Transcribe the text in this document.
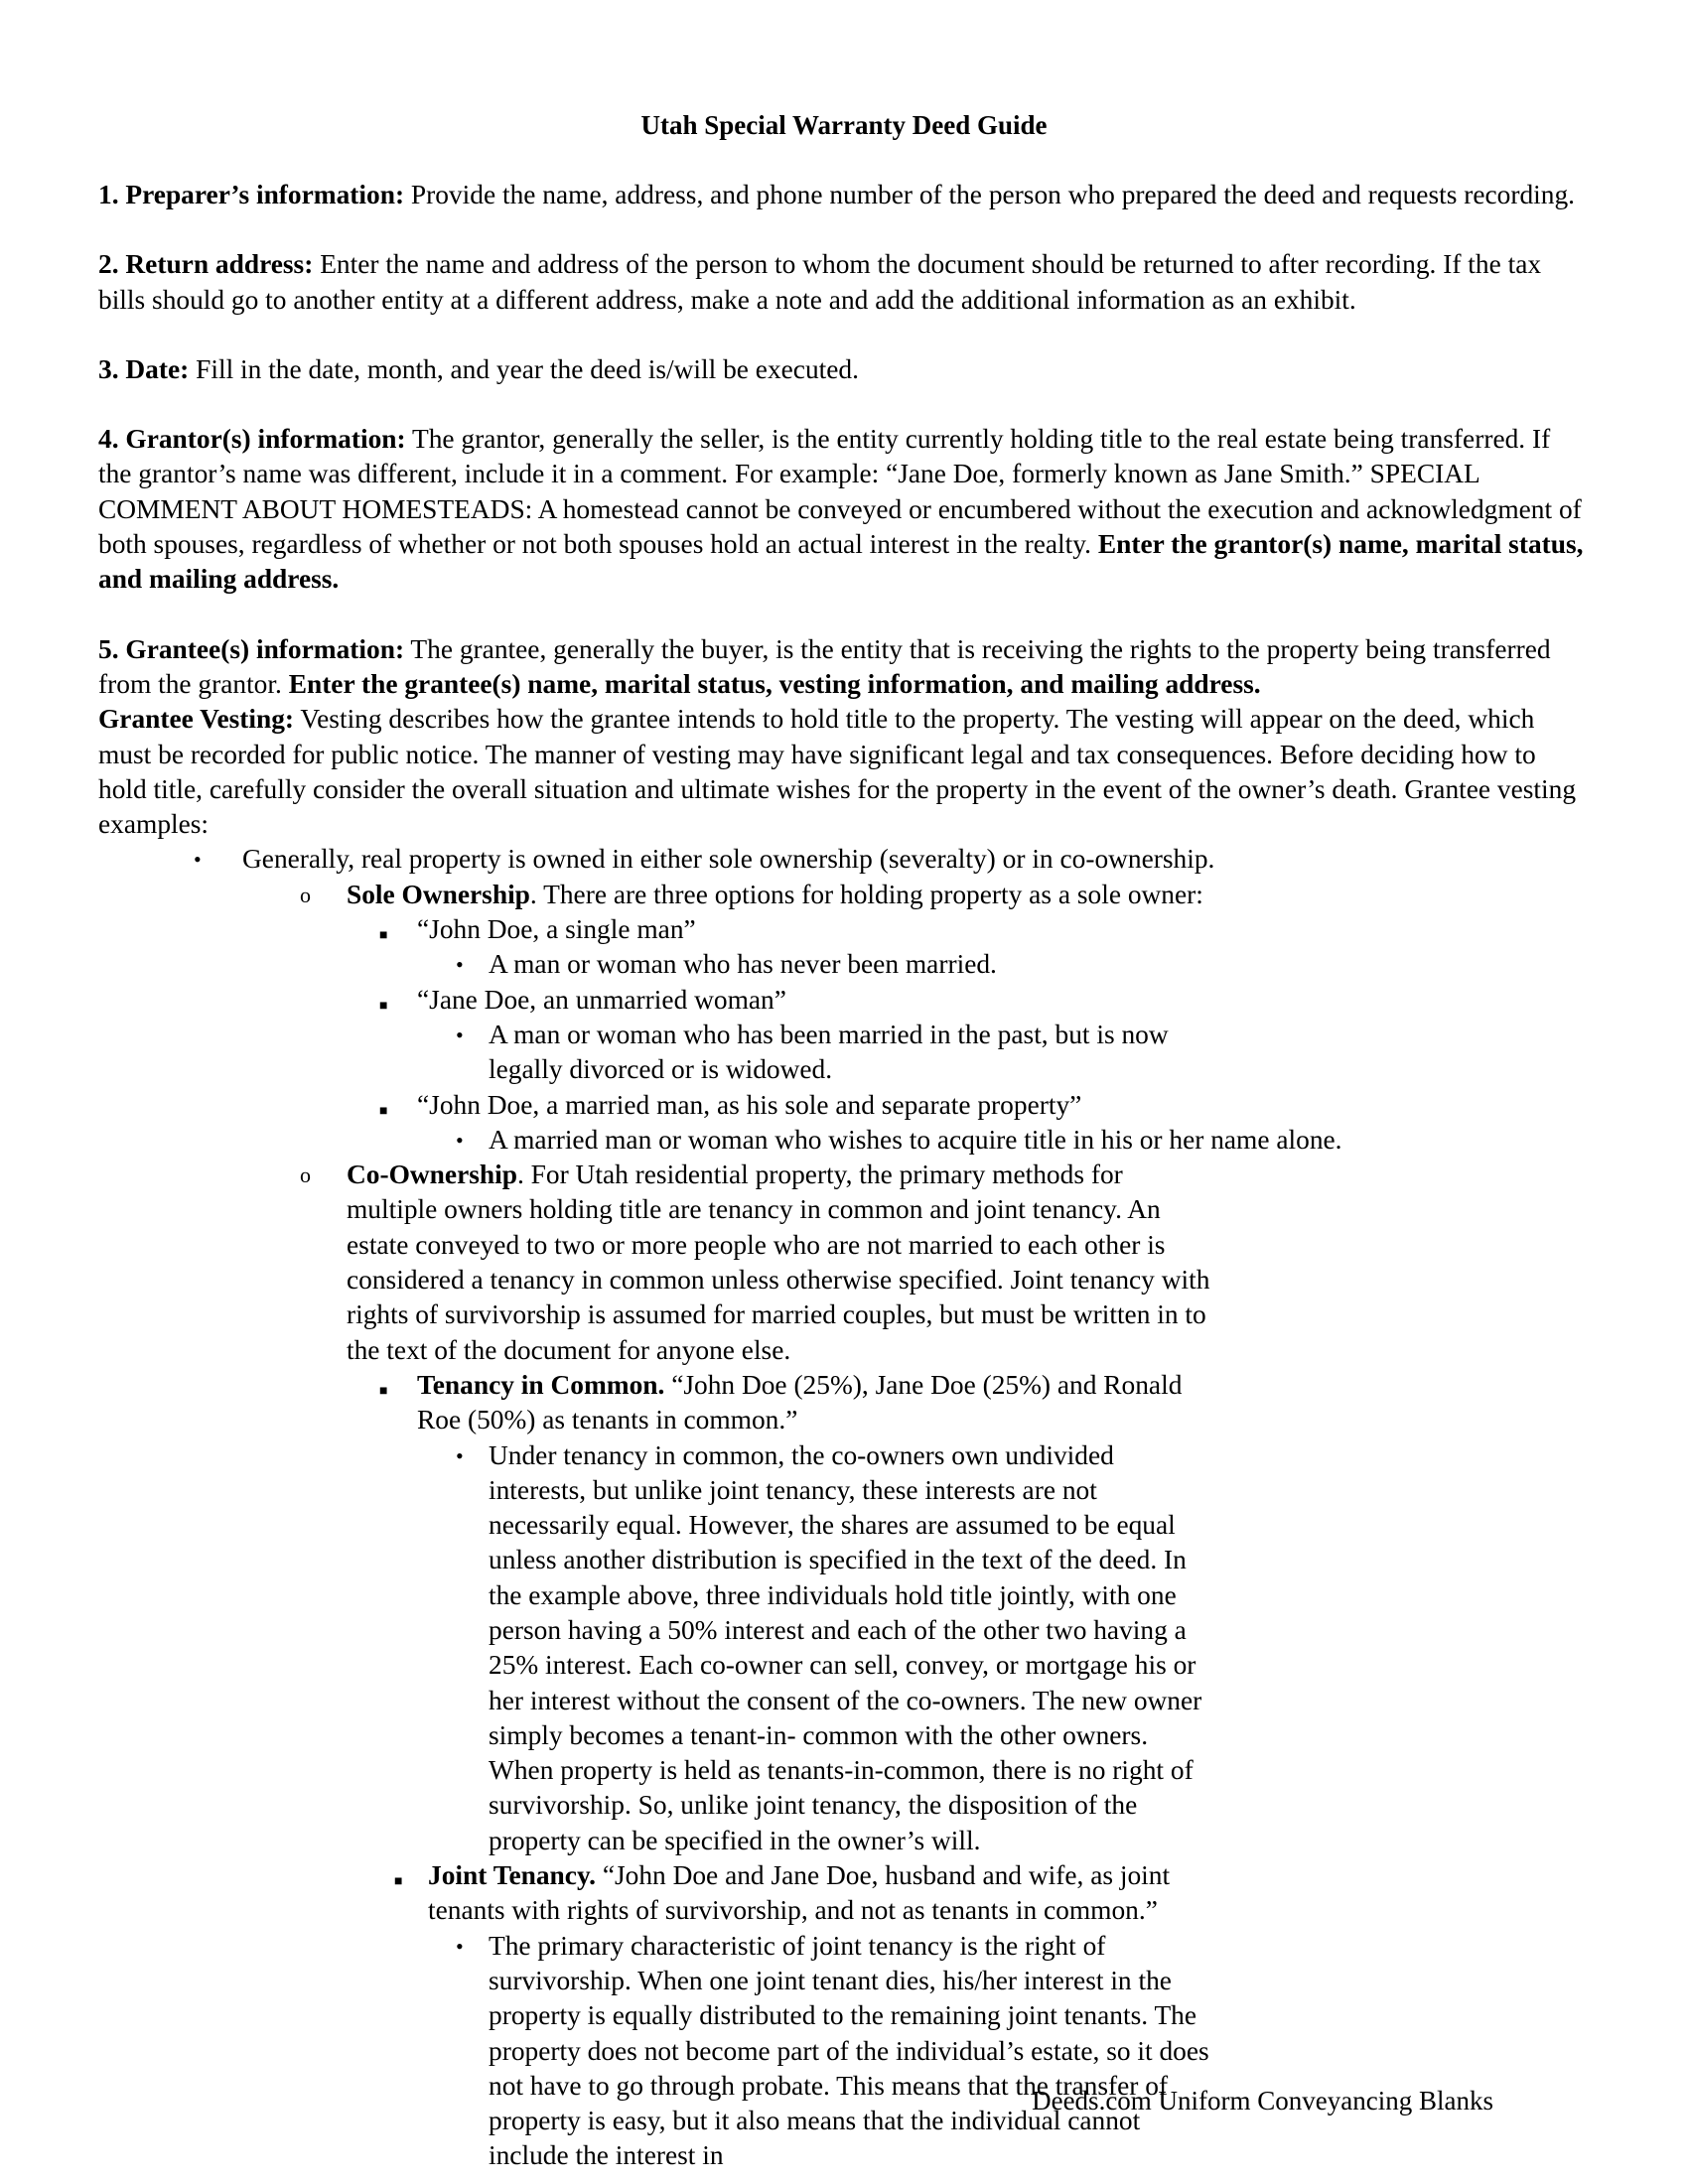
Utah Special Warranty Deed Guide
1. Preparer’s information: Provide the name, address, and phone number of the person who prepared the deed and requests recording.
2. Return address: Enter the name and address of the person to whom the document should be returned to after recording. If the tax bills should go to another entity at a different address, make a note and add the additional information as an exhibit.
3. Date: Fill in the date, month, and year the deed is/will be executed.
4. Grantor(s) information: The grantor, generally the seller, is the entity currently holding title to the real estate being transferred. If the grantor’s name was different, include it in a comment. For example: “Jane Doe, formerly known as Jane Smith.” SPECIAL COMMENT ABOUT HOMESTEADS: A homestead cannot be conveyed or encumbered without the execution and acknowledgment of both spouses, regardless of whether or not both spouses hold an actual interest in the realty. Enter the grantor(s) name, marital status, and mailing address.
5. Grantee(s) information: The grantee, generally the buyer, is the entity that is receiving the rights to the property being transferred from the grantor. Enter the grantee(s) name, marital status, vesting information, and mailing address.
Grantee Vesting: Vesting describes how the grantee intends to hold title to the property. The vesting will appear on the deed, which must be recorded for public notice. The manner of vesting may have significant legal and tax consequences. Before deciding how to hold title, carefully consider the overall situation and ultimate wishes for the property in the event of the owner’s death. Grantee vesting examples:
• Generally, real property is owned in either sole ownership (severalty) or in co-ownership.
o Sole Ownership. There are three options for holding property as a sole owner:
■ “John Doe, a single man”
• A man or woman who has never been married.
■ “Jane Doe, an unmarried woman”
• A man or woman who has been married in the past, but is now legally divorced or is widowed.
■ “John Doe, a married man, as his sole and separate property”
• A married man or woman who wishes to acquire title in his or her name alone.
o Co-Ownership. For Utah residential property, the primary methods for multiple owners holding title are tenancy in common and joint tenancy. An estate conveyed to two or more people who are not married to each other is considered a tenancy in common unless otherwise specified. Joint tenancy with rights of survivorship is assumed for married couples, but must be written in to the text of the document for anyone else.
■ Tenancy in Common. “John Doe (25%), Jane Doe (25%) and Ronald Roe (50%) as tenants in common.”
• Under tenancy in common, the co-owners own undivided interests, but unlike joint tenancy, these interests are not necessarily equal. However, the shares are assumed to be equal unless another distribution is specified in the text of the deed. In the example above, three individuals hold title jointly, with one person having a 50% interest and each of the other two having a 25% interest. Each co-owner can sell, convey, or mortgage his or her interest without the consent of the co-owners. The new owner simply becomes a tenant-in- common with the other owners. When property is held as tenants-in-common, there is no right of survivorship. So, unlike joint tenancy, the disposition of the property can be specified in the owner’s will.
■ Joint Tenancy. “John Doe and Jane Doe, husband and wife, as joint tenants with rights of survivorship, and not as tenants in common.”
• The primary characteristic of joint tenancy is the right of survivorship. When one joint tenant dies, his/her interest in the property is equally distributed to the remaining joint tenants. The property does not become part of the individual’s estate, so it does not have to go through probate. This means that the transfer of property is easy, but it also means that the individual cannot include the interest in
Deeds.com Uniform Conveyancing Blanks
